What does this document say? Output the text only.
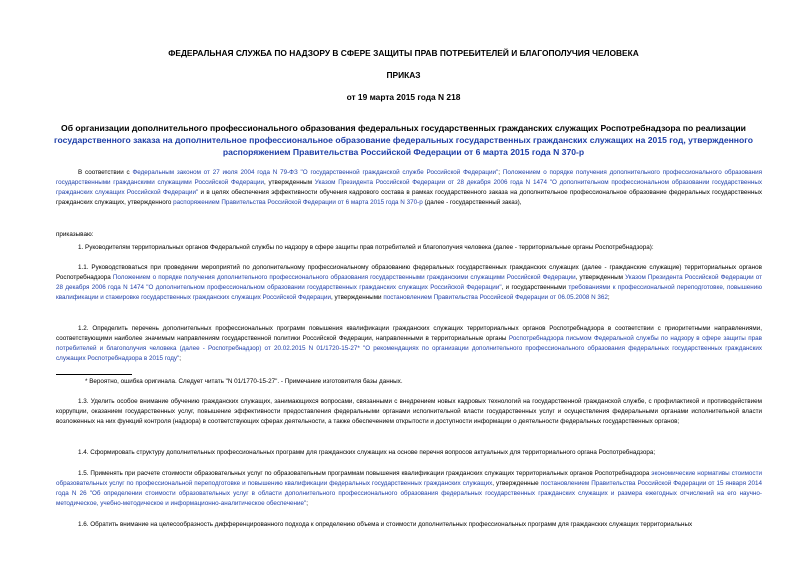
ФЕДЕРАЛЬНАЯ СЛУЖБА ПО НАДЗОРУ В СФЕРЕ ЗАЩИТЫ ПРАВ ПОТРЕБИТЕЛЕЙ И БЛАГОПОЛУЧИЯ ЧЕЛОВЕКА
ПРИКАЗ
от 19 марта 2015 года N 218
Об организации дополнительного профессионального образования федеральных государственных гражданских служащих Роспотребнадзора по реализации
государственного заказа на дополнительное профессиональное образование федеральных государственных гражданских служащих на 2015 год, утвержденного
распоряжением Правительства Российской Федерации от 6 марта 2015 года N 370-р
В соответствии с Федеральным законом от 27 июля 2004 года N 79-ФЗ "О государственной гражданской службе Российской Федерации"; Положением о порядке получения дополнительного профессионального образования государственными гражданскими служащими Российской Федерации, утвержденным Указом Президента Российской Федерации от 28 декабря 2006 года N 1474 "О дополнительном профессиональном образовании государственных гражданских служащих Российской Федерации" и в целях обеспечения эффективности обучения кадрового состава в рамках государственного заказа на дополнительное профессиональное образование федеральных государственных гражданских служащих, утвержденного распоряжением Правительства Российской Федерации от 6 марта 2015 года N 370-р (далее - государственный заказ),
приказываю:
1. Руководителям территориальных органов Федеральной службы по надзору в сфере защиты прав потребителей и благополучия человека (далее - территориальные органы Роспотребнадзора):
1.1. Руководствоваться при проведении мероприятий по дополнительному профессиональному образованию федеральных государственных гражданских служащих (далее - гражданские служащие) территориальных органов Роспотребнадзора Положением о порядке получения дополнительного профессионального образования государственными гражданскими служащими Российской Федерации, утвержденным Указом Президента Российской Федерации от 28 декабря 2006 года N 1474 "О дополнительном профессиональном образовании государственных гражданских служащих Российской Федерации", и государственными требованиями к профессиональной переподготовке, повышению квалификации и стажировке государственных гражданских служащих Российской Федерации, утвержденными постановлением Правительства Российской Федерации от 06.05.2008 N 362;
1.2. Определить перечень дополнительных профессиональных программ повышения квалификации гражданских служащих территориальных органов Роспотребнадзора в соответствии с приоритетными направлениями, соответствующими наиболее значимым направлениям государственной политики Российской Федерации, направленными в территориальные органы Роспотребнадзора письмом Федеральной службы по надзору в сфере защиты прав потребителей и благополучия человека (далее - Роспотребнадзор) от 20.02.2015 N 01/1720-15-27* "О рекомендациях по организации дополнительного профессионального образования федеральных государственных гражданских служащих Роспотребнадзора в 2015 году";
* Вероятно, ошибка оригинала. Следует читать "N 01/1770-15-27". - Примечание изготовителя базы данных.
1.3. Уделить особое внимание обучению гражданских служащих, занимающихся вопросами, связанными с внедрением новых кадровых технологий на государственной гражданской службе, с профилактикой и противодействием коррупции, оказанием государственных услуг, повышение эффективности предоставления федеральными органами исполнительной власти государственных услуг и осуществления федеральными органами исполнительной власти возложенных на них функций контроля (надзора) в соответствующих сферах деятельности, а также обеспечением открытости и доступности информации о деятельности федеральных государственных органов;
1.4. Сформировать структуру дополнительных профессиональных программ для гражданских служащих на основе перечня вопросов актуальных для территориального органа Роспотребнадзора;
1.5. Применять при расчете стоимости образовательных услуг по образовательным программам повышения квалификации гражданских служащих территориальных органов Роспотребнадзора экономические нормативы стоимости образовательных услуг по профессиональной переподготовке и повышению квалификации федеральных государственных гражданских служащих, утвержденные постановлением Правительства Российской Федерации от 15 января 2014 года N 26 "Об определении стоимости образовательных услуг в области дополнительного профессионального образования федеральных государственных гражданских служащих и размера ежегодных отчислений на его научно-методическое, учебно-методическое и информационно-аналитическое обеспечение";
1.6. Обратить внимание на целесообразность дифференцированного подхода к определению объема и стоимости дополнительных профессиональных программ для гражданских служащих территориальных
